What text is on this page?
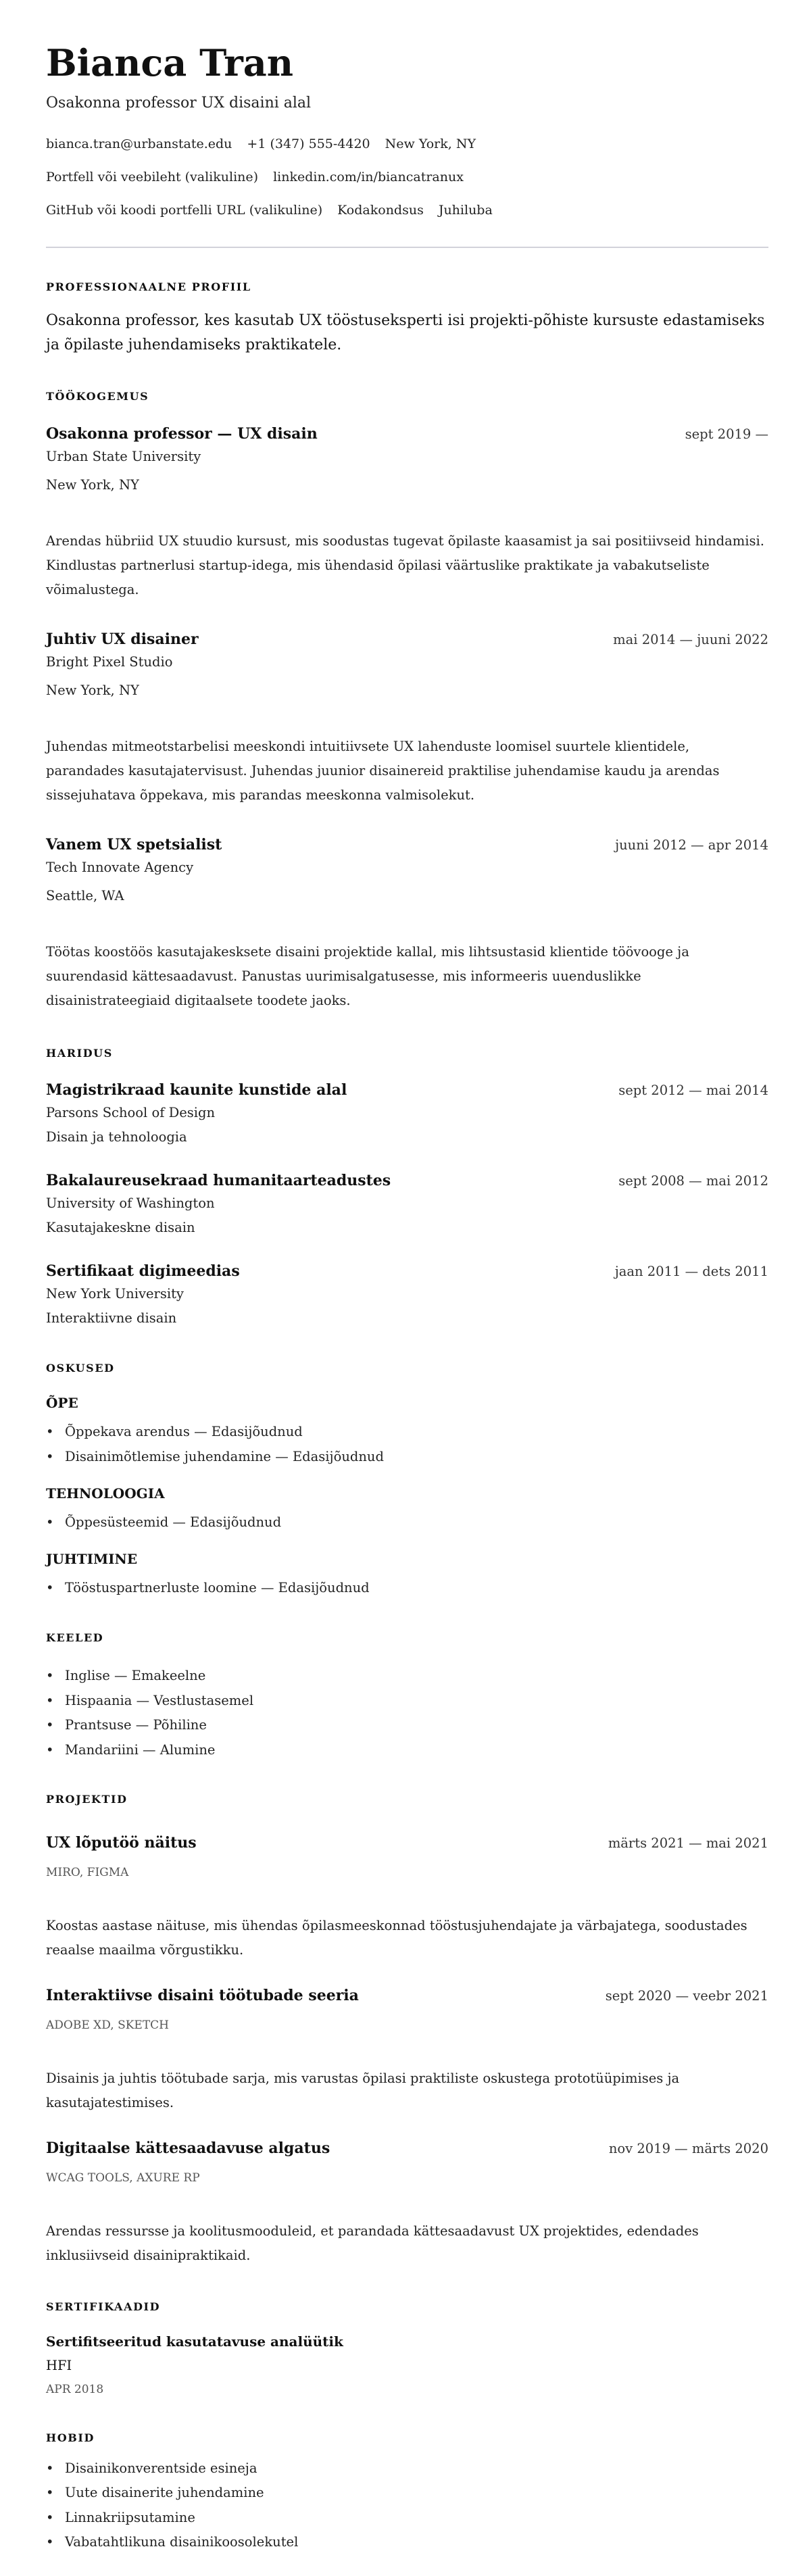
Bianca Tran
Osakonna professor UX disaini alal
bianca.tran@urbanstate.edu +1 (347) 555-4420 New York, NY
Portfell või veebileht (valikuline) linkedin.com/in/biancatranux
GitHub või koodi portfelli URL (valikuline) Kodakondsus Juhiluba
PROFESSIONAALNE PROFIIL
Osakonna professor, kes kasutab UX tööstuseksperti isi projekti-põhiste kursuste edastamiseks ja õpilaste juhendamiseks praktikatele.
TÖÖKOGEMUS
Osakonna professor — UX disain	sept 2019 —
Urban State University
New York, NY
Arendas hübriid UX stuudio kursust, mis soodustas tugevat õpilaste kaasamist ja sai positiivseid hindamisi. Kindlustas partnerlusi startup-idega, mis ühendasid õpilasi väärtuslike praktikate ja vabakutseliste võimalustega.
Juhtiv UX disainer	mai 2014 — juuni 2022
Bright Pixel Studio
New York, NY
Juhendas mitmeotstarbelisi meeskondi intuitiivsete UX lahenduste loomisel suurtele klientidele, parandades kasutajatervisust. Juhendas juunior disainereid praktilise juhendamise kaudu ja arendas sissejuhatava õppekava, mis parandas meeskonna valmisolekut.
Vanem UX spetsialist	juuni 2012 — apr 2014
Tech Innovate Agency
Seattle, WA
Töötas koostöös kasutajakesksete disaini projektide kallal, mis lihtsustasid klientide töövooge ja suurendasid kättesaadavust. Panustas uurimisalgatusesse, mis informeeris uuenduslikke disainistrateegiaid digitaalsete toodete jaoks.
HARIDUS
Magistrikraad kaunite kunstide alal	sept 2012 — mai 2014
Parsons School of Design
Disain ja tehnoloogia
Bakalaureusekraad humanitaarteadustes	sept 2008 — mai 2012
University of Washington
Kasutajakeskne disain
Sertifikaat digimeedias	jaan 2011 — dets 2011
New York University
Interaktiivne disain
OSKUSED
ÕPE
• Õppekava arendus — Edasijõudnud
• Disainimõtlemise juhendamine — Edasijõudnud
TEHNOLOOGIA
• Õppesüsteemid — Edasijõudnud
JUHTIMINE
• Tööstuspartnerluste loomine — Edasijõudnud
KEELED
• Inglise — Emakeelne
• Hispaania — Vestlustasemel
• Prantsuse — Põhiline
• Mandariini — Alumine
PROJEKTID
UX lõputöö näitus	märts 2021 — mai 2021
MIRO, FIGMA
Koostas aastase näituse, mis ühendas õpilasmeeskonnad tööstusjuhendajate ja värbajatega, soodustades reaalse maailma võrgustikku.
Interaktiivse disaini töötubade seeria	sept 2020 — veebr 2021
ADOBE XD, SKETCH
Disainis ja juhtis töötubade sarja, mis varustas õpilasi praktiliste oskustega prototüüpimises ja kasutajatestimises.
Digitaalse kättesaadavuse algatus	nov 2019 — märts 2020
WCAG TOOLS, AXURE RP
Arendas ressursse ja koolitusmooduleid, et parandada kättesaadavust UX projektides, edendades inklusiivseid disainipraktikaid.
SERTIFIKAADID
Sertifitseeritud kasutatavuse analüütik
HFI
APR 2018
HOBID
• Disainikonverentside esineja
• Uute disainerite juhendamine
• Linnakriipsutamine
• Vabatahtlikuna disainikoosolekutel
